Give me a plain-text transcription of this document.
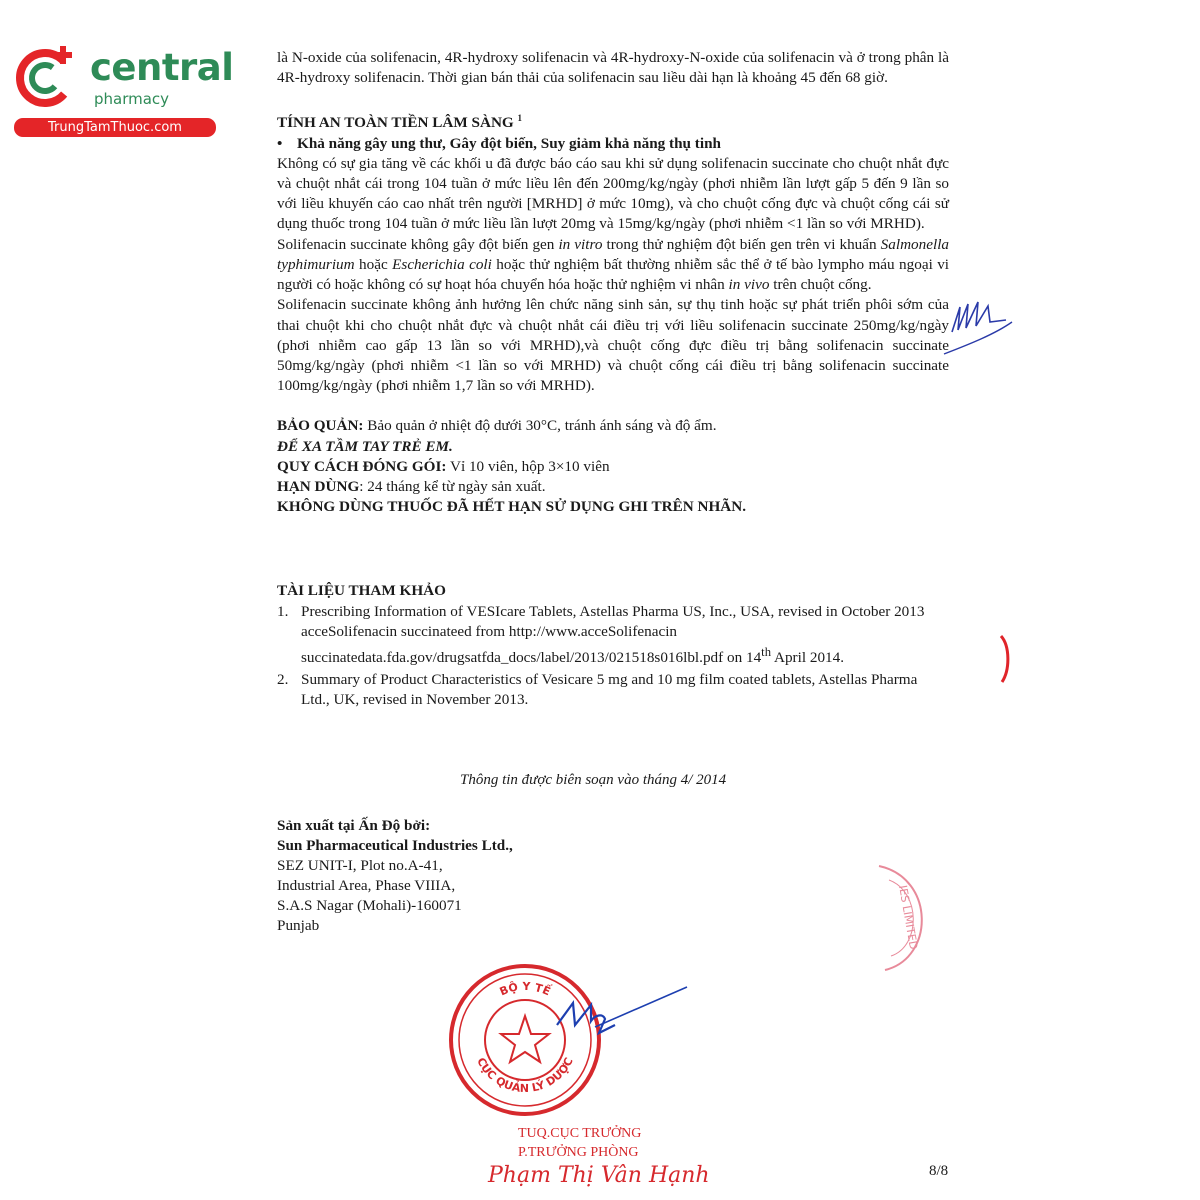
central
pharmacy
TrungTamThuoc.com

là N-oxide của solifenacin, 4R-hydroxy solifenacin và 4R-hydroxy-N-oxide của solifenacin và ở trong phân là 4R-hydroxy solifenacin. Thời gian bán thải của solifenacin sau liều dài hạn là khoảng 45 đến 68 giờ.

TÍNH AN TOÀN TIỀN LÂM SÀNG $^1$

• Khả năng gây ung thư, Gây đột biến, Suy giảm khả năng thụ tinh

Không có sự gia tăng về các khối u đã được báo cáo sau khi sử dụng solifenacin succinate cho chuột nhắt đực và chuột nhắt cái trong 104 tuần ở mức liều lên đến 200mg/kg/ngày (phơi nhiễm lần lượt gấp 5 đến 9 lần so với liều khuyến cáo cao nhất trên người [MRHD] ở mức 10mg), và cho chuột cống đực và chuột cống cái sử dụng thuốc trong 104 tuần ở mức liều lần lượt 20mg và 15mg/kg/ngày (phơi nhiễm <1 lần so với MRHD).

Solifenacin succinate không gây đột biến gen in vitro trong thử nghiệm đột biến gen trên vi khuẩn Salmonella typhimurium hoặc Escherichia coli hoặc thử nghiệm bất thường nhiễm sắc thể ở tế bào lympho máu ngoại vi người có hoặc không có sự hoạt hóa chuyển hóa hoặc thử nghiệm vi nhân in vivo trên chuột cống.

Solifenacin succinate không ảnh hưởng lên chức năng sinh sản, sự thụ tinh hoặc sự phát triển phôi sớm của thai chuột khi cho chuột nhắt đực và chuột nhắt cái điều trị với liều solifenacin succinate 250mg/kg/ngày (phơi nhiễm cao gấp 13 lần so với MRHD),và chuột cống đực điều trị bằng solifenacin succinate 50mg/kg/ngày (phơi nhiễm <1 lần so với MRHD) và chuột cống cái điều trị bằng solifenacin succinate 100mg/kg/ngày (phơi nhiễm 1,7 lần so với MRHD).

BẢO QUẢN: Bảo quản ở nhiệt độ dưới 30°C, tránh ánh sáng và độ ẩm.

ĐỂ XA TẦM TAY TRẺ EM.

QUY CÁCH ĐÓNG GÓI: Vỉ 10 viên, hộp 3×10 viên

HẠN DÙNG: 24 tháng kể từ ngày sản xuất.

KHÔNG DÙNG THUỐC ĐÃ HẾT HẠN SỬ DỤNG GHI TRÊN NHÃN.

TÀI LIỆU THAM KHẢO

1. Prescribing Information of VESIcare Tablets, Astellas Pharma US, Inc., USA, revised in October 2013 acceSolifenacin succinateed from http://www.acceSolifenacin succinatedata.fda.gov/drugsatfda_docs/label/2013/021518s016lbl.pdf on 14th April 2014.
2. Summary of Product Characteristics of Vesicare 5 mg and 10 mg film coated tablets, Astellas Pharma Ltd., UK, revised in November 2013.
Thông tin được biên soạn vào tháng 4/ 2014
Sản xuất tại Ấn Độ bởi:
Sun Pharmaceutical Industries Ltd.,
SEZ UNIT-I, Plot no.A-41,
Industrial Area, Phase VIIIA,
S.A.S Nagar (Mohali)-160071
Punjab	IES LIMITED
BỘ Y TẾ
CỤC QUẢN LÝ DƯỢC
TUQ.CỤC TRƯỞNG
P.TRƯỞNG PHÒNG
Phạm Thị Vân Hạnh	8/8
